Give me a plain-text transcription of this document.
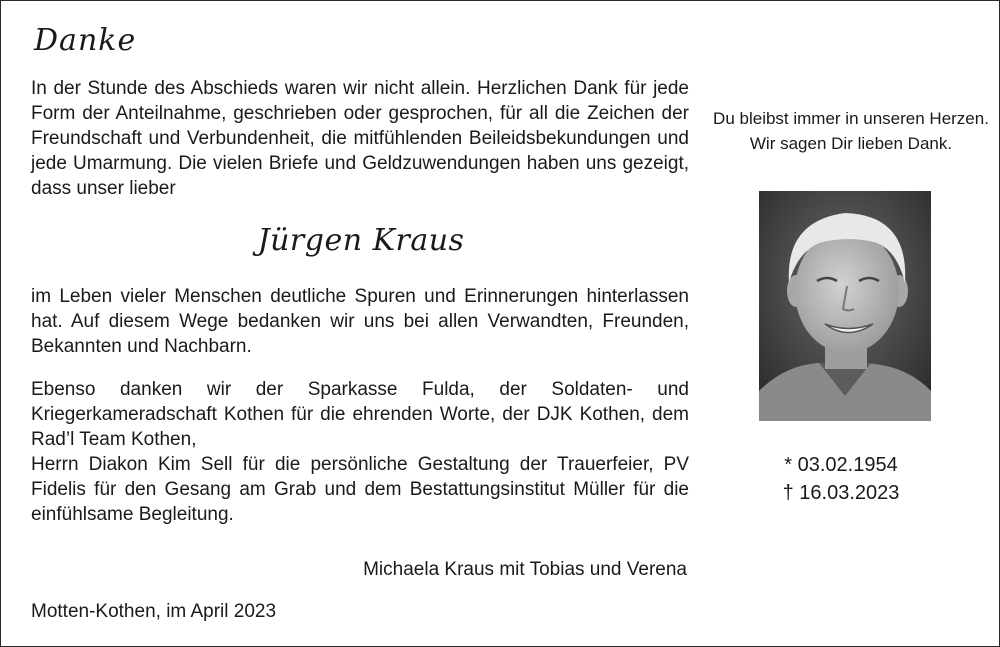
Danke

In der Stunde des Abschieds waren wir nicht allein. Herzlichen Dank für jede Form der Anteilnahme, geschrieben oder gesprochen, für all die Zeichen der Freundschaft und Verbundenheit, die mitfühlenden Beileidsbekundungen und jede Umarmung. Die vielen Briefe und Geldzuwendungen haben uns gezeigt, dass unser lieber

Jürgen Kraus

im Leben vieler Menschen deutliche Spuren und Erinnerungen hinterlassen hat. Auf diesem Wege bedanken wir uns bei allen Verwandten, Freunden, Bekannten und Nachbarn.

Ebenso danken wir der Sparkasse Fulda, der Soldaten- und Kriegerkameradschaft Kothen für die ehrenden Worte, der DJK Kothen, dem Rad’l Team Kothen,

Herrn Diakon Kim Sell für die persönliche Gestaltung der Trauerfeier, PV Fidelis für den Gesang am Grab und dem Bestattungsinstitut Müller für die einfühlsame Begleitung.

Michaela Kraus mit Tobias und Verena
Motten-Kothen, im April 2023
Du bleibst immer in unseren Herzen.
Wir sagen Dir lieben Dank.
* 03.02.1954
† 16.03.2023
